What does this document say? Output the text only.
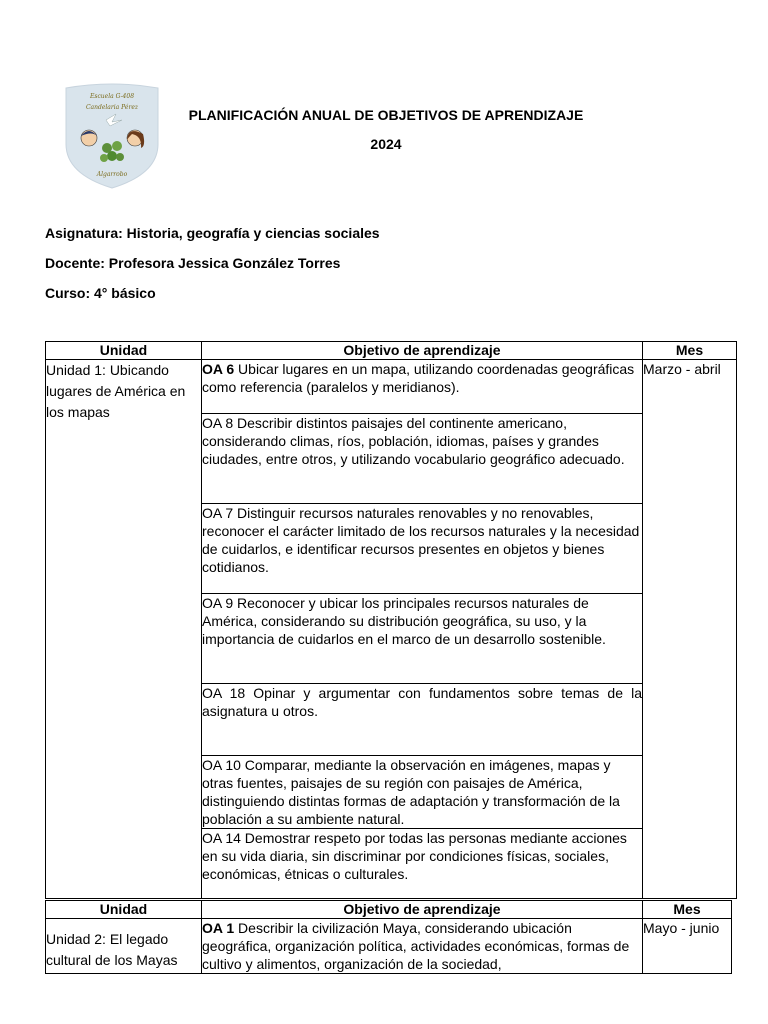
Escuela G-408
Candelaria Pérez
Algarrobo
PLANIFICACIÓN ANUAL DE OBJETIVOS DE APRENDIZAJE
2024
Asignatura: Historia, geografía y ciencias sociales
Docente: Profesora Jessica González Torres
Curso: 4° básico
Unidad	Objetivo de aprendizaje	Mes
Unidad 1: Ubicando lugares de América en los mapas	OA 6 Ubicar lugares en un mapa, utilizando coordenadas geográficas como referencia (paralelos y meridianos).	Marzo - abril
	OA 8 Describir distintos paisajes del continente americano, considerando climas, ríos, población, idiomas, países y grandes ciudades, entre otros, y utilizando vocabulario geográfico adecuado.	
	OA 7 Distinguir recursos naturales renovables y no renovables, reconocer el carácter limitado de los recursos naturales y la necesidad de cuidarlos, e identificar recursos presentes en objetos y bienes cotidianos.	
	OA 9 Reconocer y ubicar los principales recursos naturales de América, considerando su distribución geográfica, su uso, y la importancia de cuidarlos en el marco de un desarrollo sostenible.	
	OA 18 Opinar y argumentar con fundamentos sobre temas de la asignatura u otros.	
	OA 10 Comparar, mediante la observación en imágenes, mapas y otras fuentes, paisajes de su región con paisajes de América, distinguiendo distintas formas de adaptación y transformación de la población a su ambiente natural.	
	OA 14 Demostrar respeto por todas las personas mediante acciones en su vida diaria, sin discriminar por condiciones físicas, sociales, económicas, étnicas o culturales.	
Unidad	Objetivo de aprendizaje	Mes
Unidad 2: El legado cultural de los Mayas	OA 1 Describir la civilización Maya, considerando ubicación geográfica, organización política, actividades económicas, formas de cultivo y alimentos, organización de la sociedad,	Mayo - junio
